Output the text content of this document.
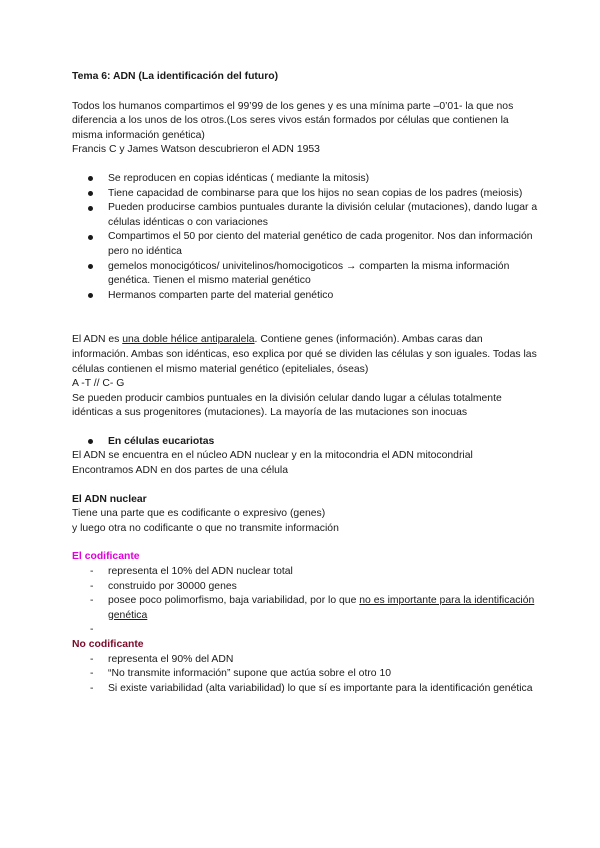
Tema 6: ADN (La identificación del futuro)

Todos los humanos compartimos el 99’99 de los genes y es una mínima parte –0’01- la que nos diferencia a los unos de los otros.(Los seres vivos están formados por células que contienen la misma información genética)

Francis C y James Watson descubrieron el ADN 1953

Se reproducen en copias idénticas ( mediante la mitosis)
Tiene capacidad de combinarse para que los hijos no sean copias de los padres (meiosis)
Pueden producirse cambios puntuales durante la división celular (mutaciones), dando lugar a células idénticas o con variaciones
Compartimos el 50 por ciento del material genético de cada progenitor. Nos dan información pero no idéntica
gemelos monocigóticos/ univitelinos/homocigoticos → comparten la misma información genética. Tienen el mismo material genético
Hermanos comparten parte del material genético

El ADN es una doble hélice antiparalela. Contiene genes (información). Ambas caras dan información. Ambas son idénticas, eso explica por qué se dividen las células y son iguales. Todas las células contienen el mismo material genético (epiteliales, óseas)

A -T // C- G

Se pueden producir cambios puntuales en la división celular dando lugar a células totalmente idénticas a sus progenitores (mutaciones). La mayoría de las mutaciones son inocuas

En células eucariotas

El ADN se encuentra en el núcleo ADN nuclear y en la mitocondria el ADN mitocondrial

Encontramos ADN en dos partes de una célula

El ADN nuclear

Tiene una parte que es codificante o expresivo (genes)

y luego otra no codificante o que no transmite información

El codificante

- representa el 10% del ADN nuclear total
- construido por 30000 genes
- posee poco polimorfismo, baja variabilidad, por lo que no es importante para la identificación genética
-

No codificante

- representa el 90% del ADN
- “No transmite información” supone que actúa sobre el otro 10
- Si existe variabilidad (alta variabilidad) lo que sí es importante para la identificación genética
